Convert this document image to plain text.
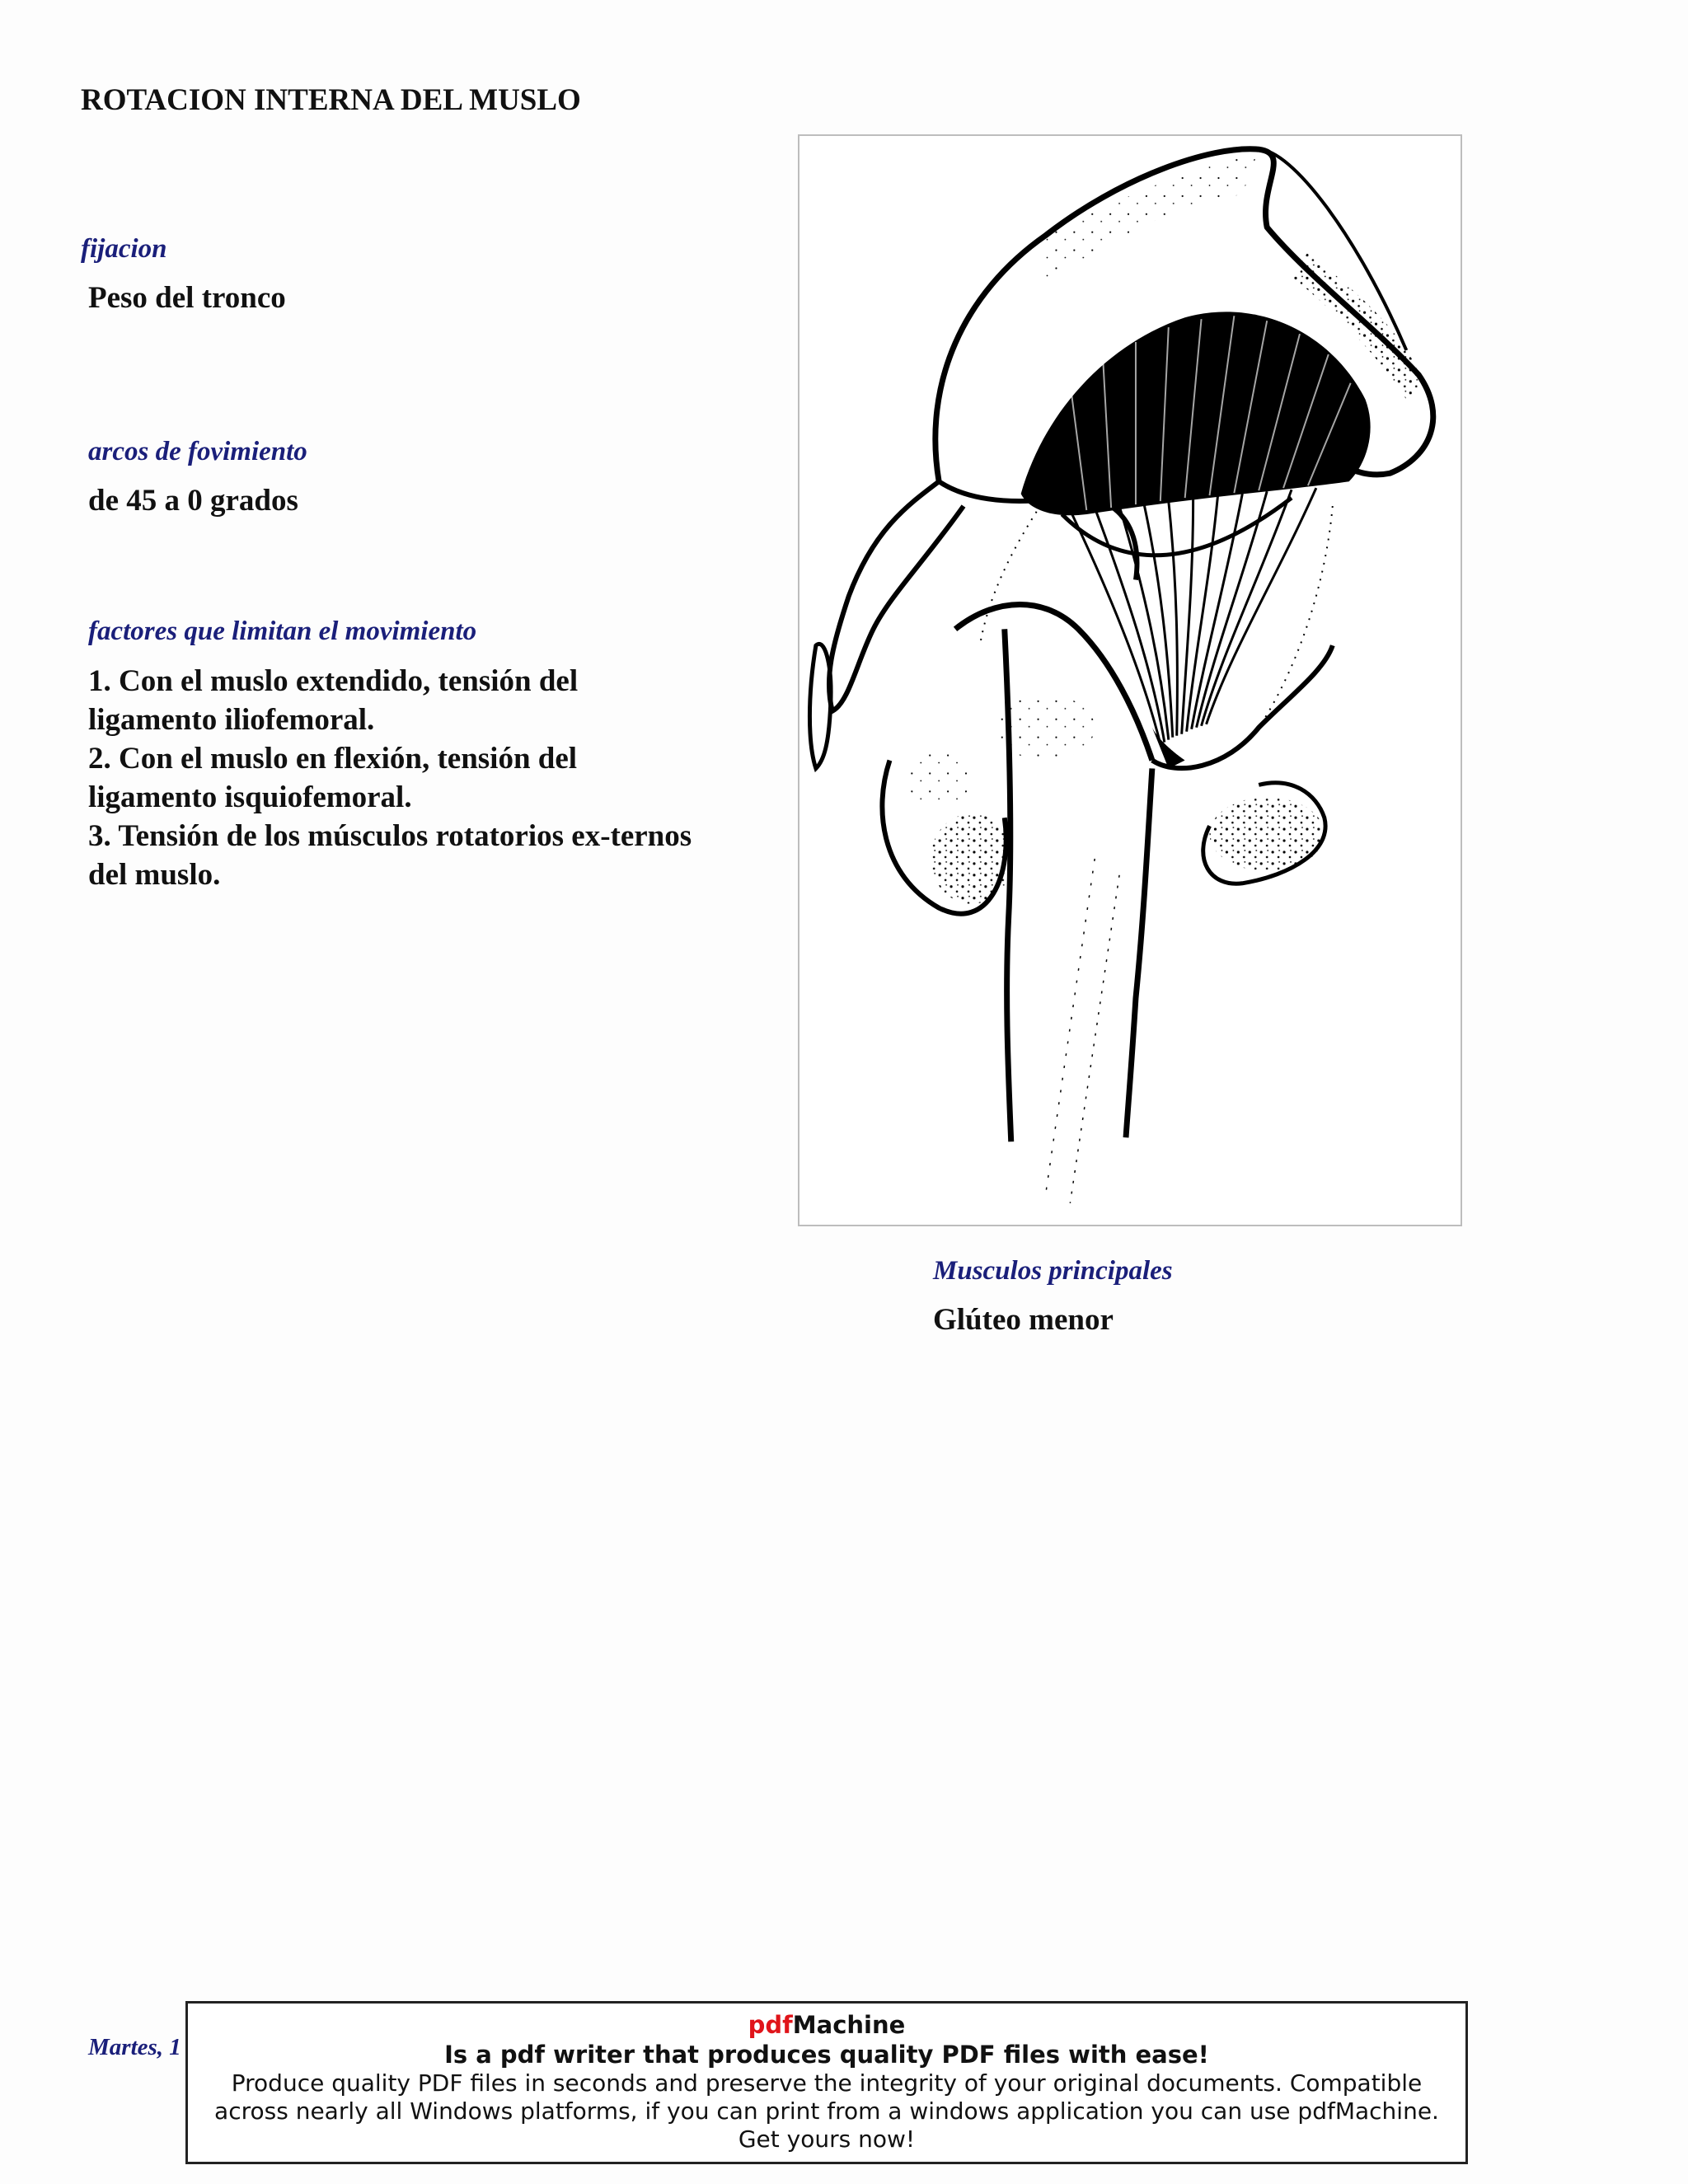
ROTACION INTERNA DEL MUSLO
fijacion
Peso del tronco
arcos de fovimiento
de 45 a 0 grados
factores que limitan el movimiento
1. Con el muslo extendido, tensión del ligamento iliofemoral.
2. Con el muslo en flexión, tensión del ligamento isquiofemoral.
3. Tensión de los músculos rotatorios ex-ternos del muslo.
Musculos principales
Glúteo menor
Martes, 1
pdfMachine
Is a pdf writer that produces quality PDF files with ease!
Produce quality PDF files in seconds and preserve the integrity of your original documents. Compatible across nearly all Windows platforms, if you can print from a windows application you can use pdfMachine.
Get yours now!
